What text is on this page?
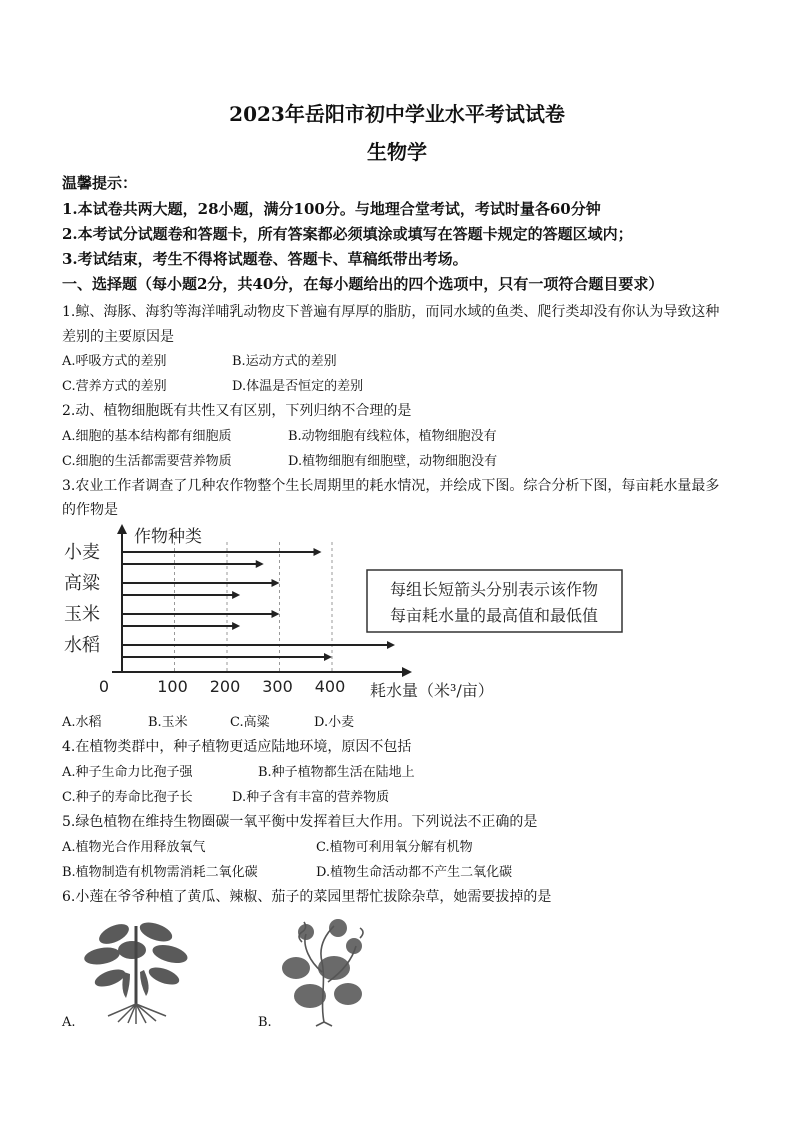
2023年岳阳市初中学业水平考试试卷
生物学
温馨提示：
1.本试卷共两大题，28小题，满分100分。与地理合堂考试，考试时量各60分钟
2.本考试分试题卷和答题卡，所有答案都必须填涂或填写在答题卡规定的答题区域内；
3.考试结束，考生不得将试题卷、答题卡、草稿纸带出考场。
一、选择题（每小题2分，共40分，在每小题给出的四个选项中，只有一项符合题目要求）
1.鲸、海豚、海豹等海洋哺乳动物皮下普遍有厚厚的脂肪，而同水域的鱼类、爬行类却没有你认为导致这种
差别的主要原因是
A.呼吸方式的差别	B.运动方式的差别
C.营养方式的差别	D.体温是否恒定的差别
2.动、植物细胞既有共性又有区别，下列归纳不合理的是
A.细胞的基本结构都有细胞质	B.动物细胞有线粒体，植物细胞没有
C.细胞的生活都需要营养物质	D.植物细胞有细胞壁，动物细胞没有
3.农业工作者调查了几种农作物整个生长周期里的耗水情况，并绘成下图。综合分析下图，每亩耗水量最多
的作物是
作物种类
耗水量（米³/亩）
小麦
高粱
玉米
水稻
0	100 200 300 400
每组长短箭头分别表示该作物
每亩耗水量的最高值和最低值
A.水稻	B.玉米	C.高粱	D.小麦
4.在植物类群中，种子植物更适应陆地环境，原因不包括
A.种子生命力比孢子强	B.种子植物都生活在陆地上
C.种子的寿命比孢子长	D.种子含有丰富的营养物质
5.绿色植物在维持生物圈碳一氧平衡中发挥着巨大作用。下列说法不正确的是
A.植物光合作用释放氧气	C.植物可利用氧分解有机物
B.植物制造有机物需消耗二氧化碳	D.植物生命活动都不产生二氧化碳
6.小莲在爷爷种植了黄瓜、辣椒、茄子的菜园里帮忙拔除杂草，她需要拔掉的是
A.	B.
